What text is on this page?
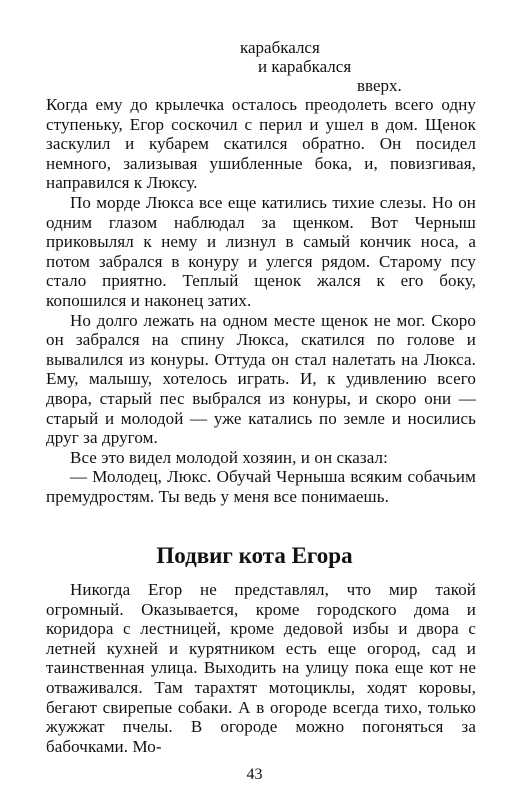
карабкался
и карабкался
вверх.

Когда ему до крылечка осталось преодолеть всего одну ступеньку, Егор соскочил с перил и ушел в дом. Щенок заскулил и кубарем скатился обратно. Он посидел немного, зализывая ушибленные бока, и, повизгивая, направился к Люксу.

По морде Люкса все еще катились тихие слезы. Но он одним глазом наблюдал за щенком. Вот Черныш приковылял к нему и лизнул в самый кончик носа, а потом забрался в конуру и улегся рядом. Старому псу стало приятно. Теплый щенок жался к его боку, копошился и наконец затих.

Но долго лежать на одном месте щенок не мог. Скоро он забрался на спину Люкса, скатился по голове и вывалился из конуры. Оттуда он стал налетать на Люкса. Ему, малышу, хотелось играть. И, к удивлению всего двора, старый пес выбрался из конуры, и скоро они — старый и молодой — уже катались по земле и носились друг за другом.

Все это видел молодой хозяин, и он сказал:

— Молодец, Люкс. Обучай Черныша всяким собачьим премудростям. Ты ведь у меня все понимаешь.

Подвиг кота Егора

Никогда Егор не представлял, что мир такой огромный. Оказывается, кроме городского дома и коридора с лестницей, кроме дедовой избы и двора с летней кухней и курятником есть еще огород, сад и таинственная улица. Выходить на улицу пока еще кот не отваживался. Там тарахтят мотоциклы, ходят коровы, бегают свирепые собаки. А в огороде всегда тихо, только жужжат пчелы. В огороде можно погоняться за бабочками. Мо-

43
